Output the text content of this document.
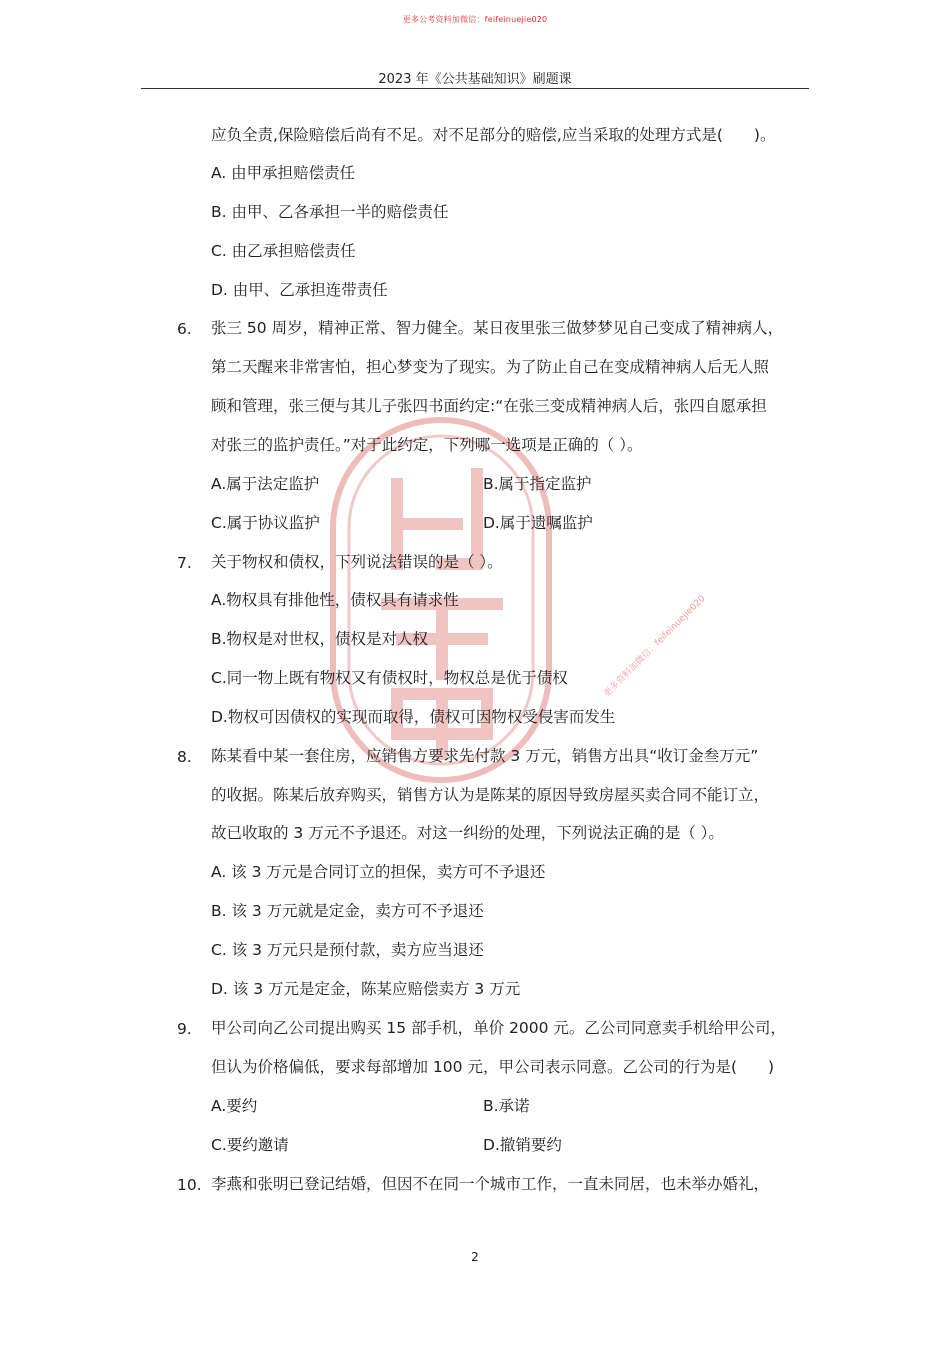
更多公考资料加微信：feifeinuejie020
2023 年《公共基础知识》刷题课
更多资料加微信：feifeinuejie020
应负全责,保险赔偿后尚有不足。对不足部分的赔偿,应当采取的处理方式是(　　)。
A. 由甲承担赔偿责任
B. 由甲、乙各承担一半的赔偿责任
C. 由乙承担赔偿责任
D. 由甲、乙承担连带责任
6. 张三 50 周岁，精神正常、智力健全。某日夜里张三做梦梦见自己变成了精神病人，
第二天醒来非常害怕，担心梦变为了现实。为了防止自己在变成精神病人后无人照
顾和管理，张三便与其儿子张四书面约定:“在张三变成精神病人后，张四自愿承担
对张三的监护责任。”对于此约定，下列哪一选项是正确的（ ）。
A.属于法定监护	B.属于指定监护
C.属于协议监护	D.属于遗嘱监护
7. 关于物权和债权，下列说法错误的是（ ）。
A.物权具有排他性，债权具有请求性
B.物权是对世权，债权是对人权
C.同一物上既有物权又有债权时，物权总是优于债权
D.物权可因债权的实现而取得，债权可因物权受侵害而发生
8. 陈某看中某一套住房，应销售方要求先付款 3 万元，销售方出具“收订金叁万元”
的收据。陈某后放弃购买，销售方认为是陈某的原因导致房屋买卖合同不能订立，
故已收取的 3 万元不予退还。对这一纠纷的处理，下列说法正确的是（ ）。
A. 该 3 万元是合同订立的担保，卖方可不予退还
B. 该 3 万元就是定金，卖方可不予退还
C. 该 3 万元只是预付款，卖方应当退还
D. 该 3 万元是定金，陈某应赔偿卖方 3 万元
9. 甲公司向乙公司提出购买 15 部手机，单价 2000 元。乙公司同意卖手机给甲公司，
但认为价格偏低，要求每部增加 100 元，甲公司表示同意。乙公司的行为是(　　)
A.要约	B.承诺
C.要约邀请	D.撤销要约
10. 李燕和张明已登记结婚，但因不在同一个城市工作，一直未同居，也未举办婚礼，
2
